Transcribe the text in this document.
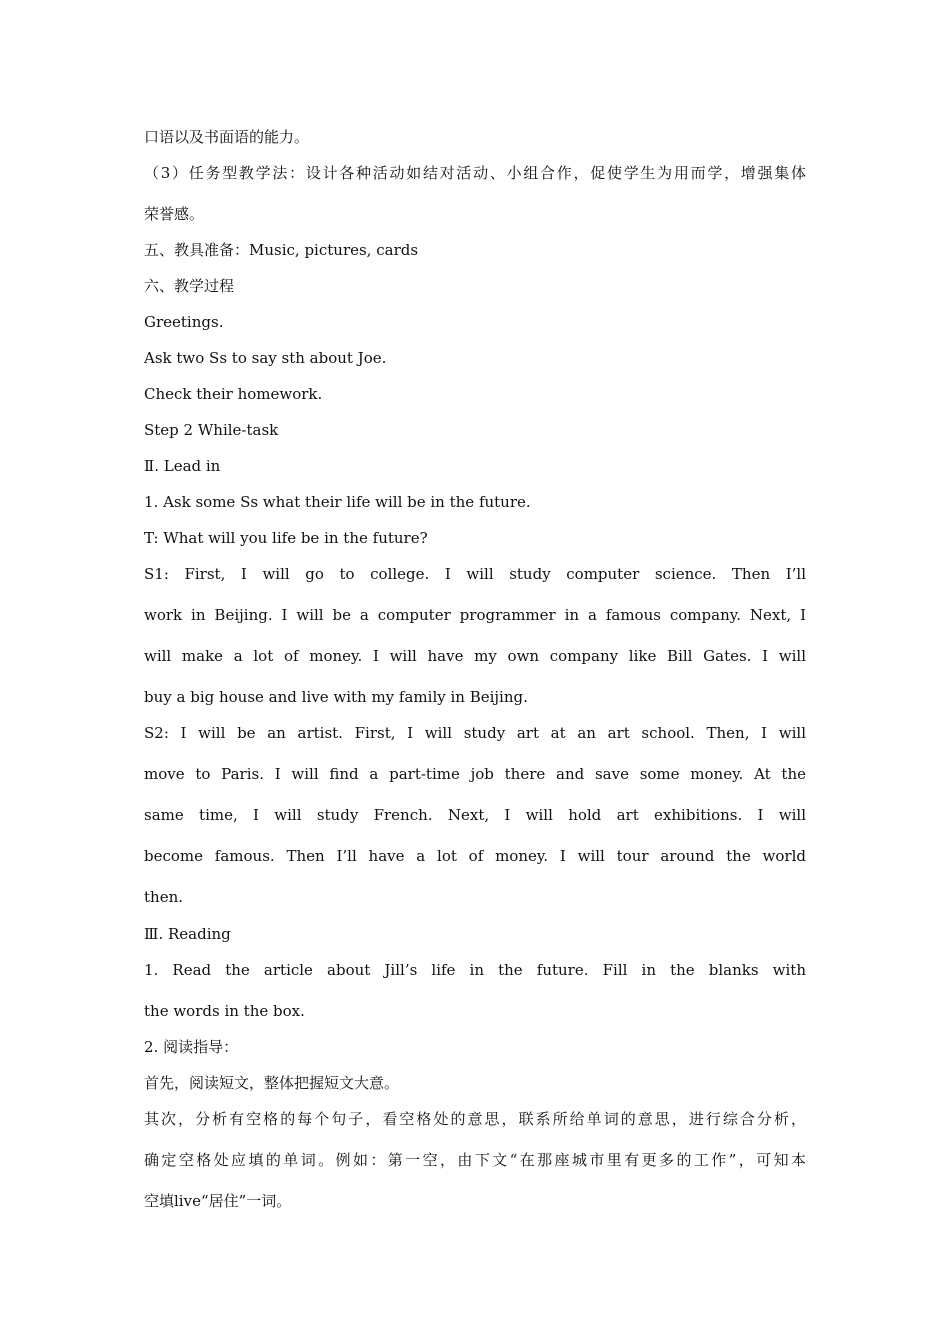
口语以及书面语的能力。

（3）任务型教学法：设计各种活动如结对活动、小组合作，促使学生为用而学，增强集体

荣誉感。

五、教具准备：Music, pictures, cards

六、教学过程

Greetings.

Ask two Ss to say sth about Joe.

Check their homework.

Step 2 While-task

Ⅱ. Lead in

1. Ask some Ss what their life will be in the future.

T: What will you life be in the future?

S1: First, I will go to college. I will study computer science. Then I’ll

work in Beijing. I will be a computer programmer in a famous company. Next, I

will make a lot of money. I will have my own company like Bill Gates. I will

buy a big house and live with my family in Beijing.

S2: I will be an artist. First, I will study art at an art school. Then, I will

move to Paris. I will find a part-time job there and save some money. At the

same time, I will study French. Next, I will hold art exhibitions. I will

become famous. Then I’ll have a lot of money. I will tour around the world

then.

Ⅲ. Reading

1. Read the article about Jill’s life in the future. Fill in the blanks with

the words in the box.

2. 阅读指导：

首先，阅读短文，整体把握短文大意。

其次，分析有空格的每个句子，看空格处的意思，联系所给单词的意思，进行综合分析，

确定空格处应填的单词。例如：第一空，由下文“在那座城市里有更多的工作”，可知本

空填live“居住”一词。
